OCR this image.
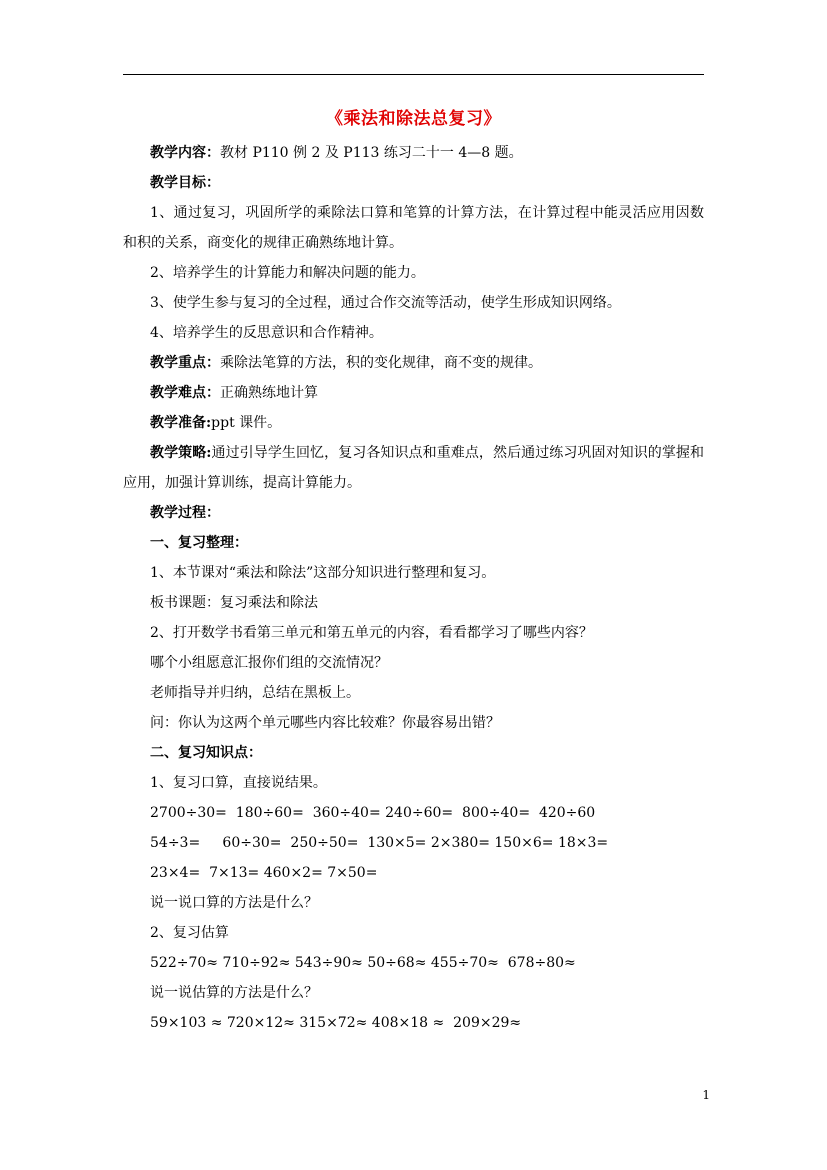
《乘法和除法总复习》

教学内容：教材 P110 例 2 及 P113 练习二十一 4—8 题。

教学目标：

1、通过复习，巩固所学的乘除法口算和笔算的计算方法，在计算过程中能灵活应用因数和积的关系，商变化的规律正确熟练地计算。

2、培养学生的计算能力和解决问题的能力。

3、使学生参与复习的全过程，通过合作交流等活动，使学生形成知识网络。

4、培养学生的反思意识和合作精神。

教学重点：乘除法笔算的方法，积的变化规律，商不变的规律。

教学难点：正确熟练地计算

教学准备:ppt 课件。

教学策略:通过引导学生回忆，复习各知识点和重难点，然后通过练习巩固对知识的掌握和应用，加强计算训练，提高计算能力。

教学过程：

一、复习整理：

1、本节课对“乘法和除法”这部分知识进行整理和复习。

板书课题：复习乘法和除法

2、打开数学书看第三单元和第五单元的内容，看看都学习了哪些内容？

哪个小组愿意汇报你们组的交流情况？

老师指导并归纳，总结在黑板上。

问：你认为这两个单元哪些内容比较难？你最容易出错？

二、复习知识点：

1、复习口算，直接说结果。

2700÷30=  180÷60=  360÷40= 240÷60=  800÷40=  420÷60

54÷3=     60÷30=  250÷50=  130×5= 2×380= 150×6= 18×3=

23×4=  7×13= 460×2= 7×50=

说一说口算的方法是什么？

2、复习估算

522÷70≈ 710÷92≈ 543÷90≈ 50÷68≈ 455÷70≈  678÷80≈

说一说估算的方法是什么？

59×103 ≈ 720×12≈ 315×72≈ 408×18 ≈  209×29≈

1
